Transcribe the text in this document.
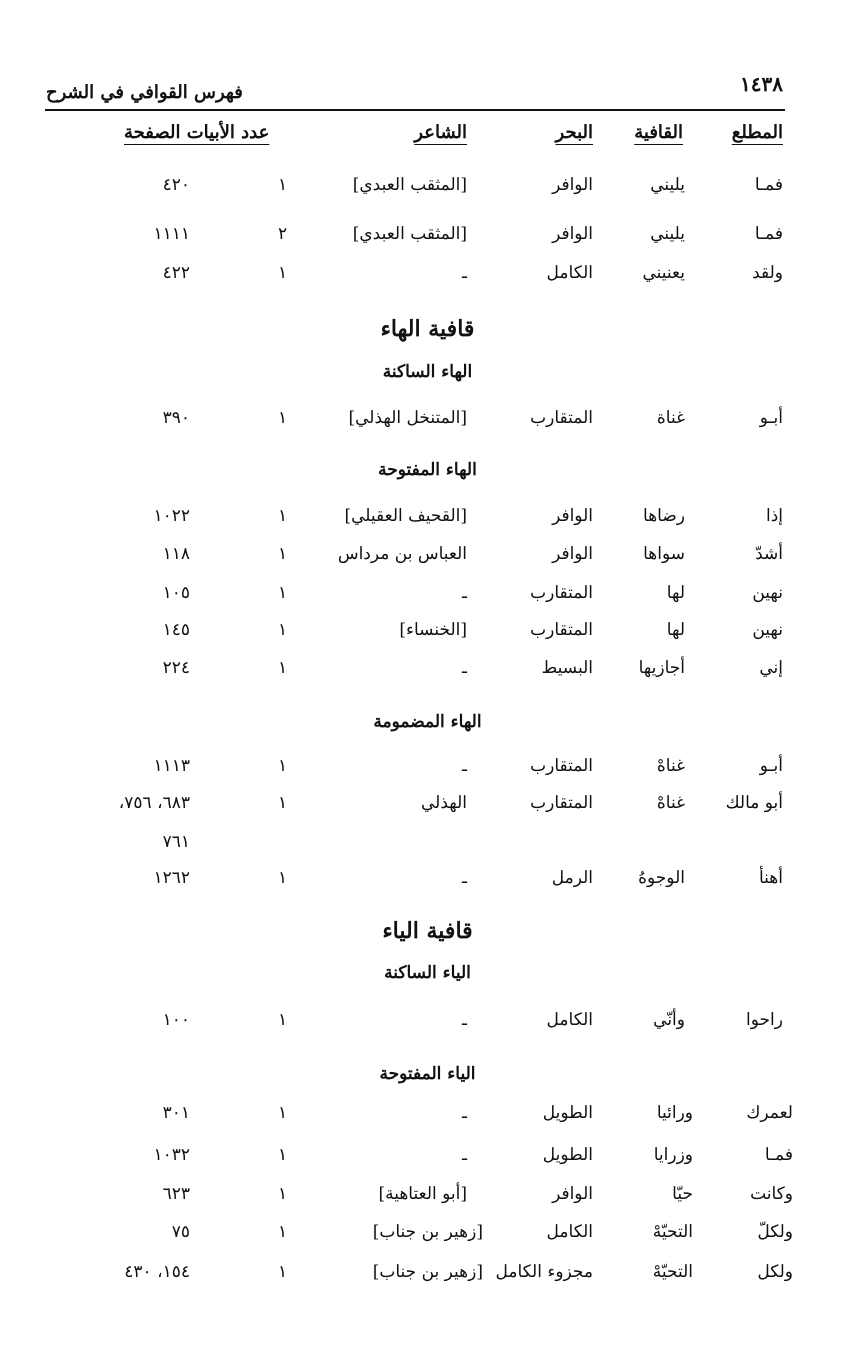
١٤٣٨
فهرس القوافي في الشرح
المطلع
القافية
البحر
الشاعر
عدد الأبيات الصفحة
فمـا
يليني
الوافر
[المثقب العبدي]
١
٤٢٠
فمـا
يليني
الوافر
[المثقب العبدي]
٢
١١١١
ولقد
يعنيني
الكامل
ـ
١
٤٢٢
قافية الهاء
الهاء الساكنة
أبـو
غناة
المتقارب
[المتنخل الهذلي]
١
٣٩٠
الهاء المفتوحة
إذا
رضاها
الوافر
[القحيف العقيلي]
١
١٠٢٢
أشدّ
سواها
الوافر
العباس بن مرداس
١
١١٨
نهين
لها
المتقارب
ـ
١
١٠٥
نهين
لها
المتقارب
[الخنساء]
١
١٤٥
إني
أجازيها
البسيط
ـ
١
٢٢٤
الهاء المضمومة
أبـو
غناهْ
المتقارب
ـ
١
١١١٣
أبو مالك
غناهْ
المتقارب
الهذلي
١
٦٨٣، ٧٥٦،
٧٦١
أهنأ
الوجوهُ
الرمل
ـ
١
١٢٦٢
قافية الياء
الياء الساكنة
راحوا
وأنّي
الكامل
ـ
١
١٠٠
الياء المفتوحة
لعمرك
ورائيا
الطويل
ـ
١
٣٠١
فمـا
وزرايا
الطويل
ـ
١
١٠٣٢
وكانت
حيّا
الوافر
[أبو العتاهية]
١
٦٢٣
ولكلّ
التحيّهْ
الكامل
[زهير بن جناب]
١
٧٥
ولكل
التحيّهْ
مجزوء الكامل
[زهير بن جناب]
١
١٥٤، ٤٣٠
